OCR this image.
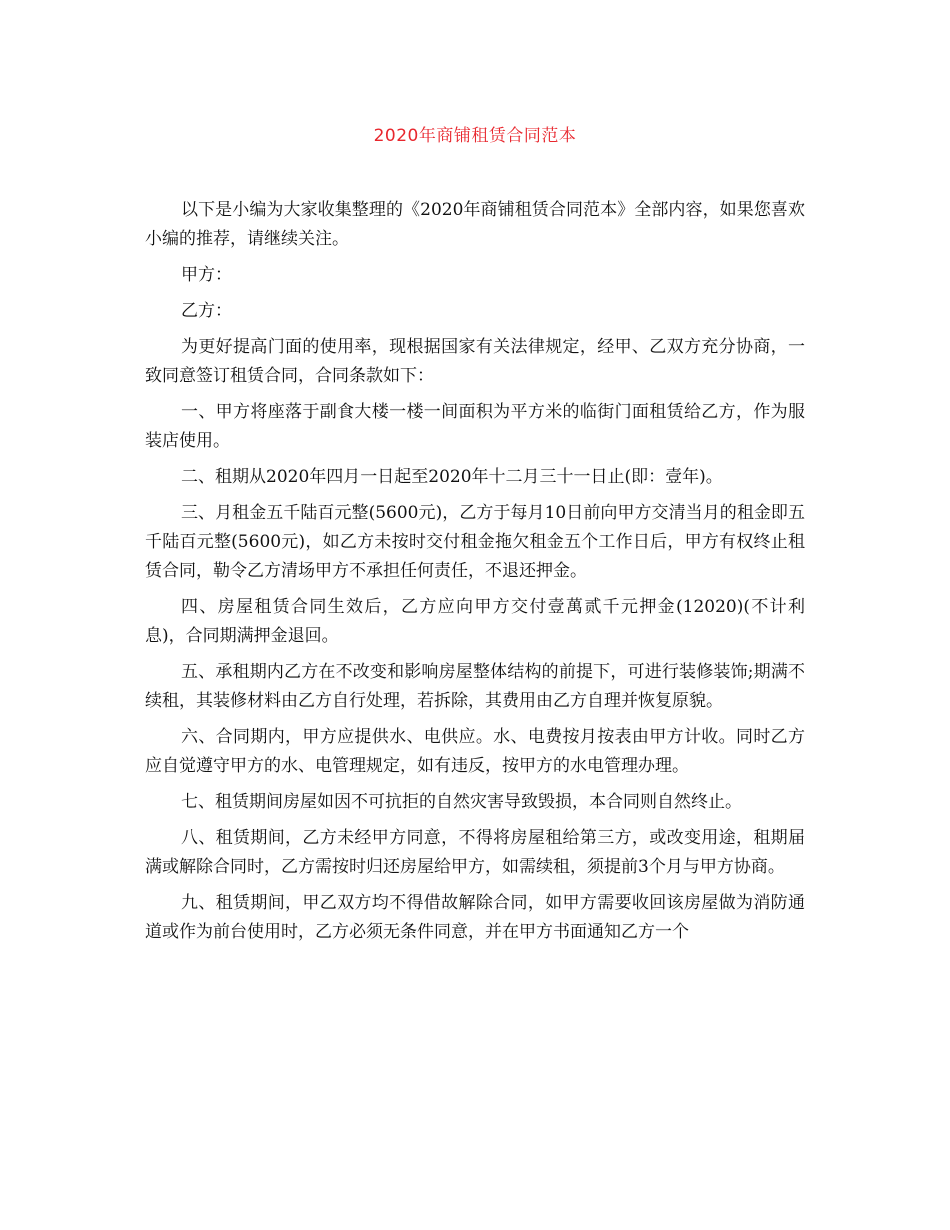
2020年商铺租赁合同范本

以下是小编为大家收集整理的《2020年商铺租赁合同范本》全部内容，如果您喜欢小编的推荐，请继续关注。

甲方：

乙方：

为更好提高门面的使用率，现根据国家有关法律规定，经甲、乙双方充分协商，一致同意签订租赁合同，合同条款如下：

一、甲方将座落于副食大楼一楼一间面积为平方米的临街门面租赁给乙方，作为服装店使用。

二、租期从2020年四月一日起至2020年十二月三十一日止(即：壹年)。

三、月租金五千陆百元整(5600元)，乙方于每月10日前向甲方交清当月的租金即五千陆百元整(5600元)，如乙方未按时交付租金拖欠租金五个工作日后，甲方有权终止租赁合同，勒令乙方清场甲方不承担任何责任，不退还押金。

四、房屋租赁合同生效后，乙方应向甲方交付壹萬贰千元押金(12020)(不计利息)，合同期满押金退回。

五、承租期内乙方在不改变和影响房屋整体结构的前提下，可进行装修装饰;期满不续租，其装修材料由乙方自行处理，若拆除，其费用由乙方自理并恢复原貌。

六、合同期内，甲方应提供水、电供应。水、电费按月按表由甲方计收。同时乙方应自觉遵守甲方的水、电管理规定，如有违反，按甲方的水电管理办理。

七、租赁期间房屋如因不可抗拒的自然灾害导致毁损，本合同则自然终止。

八、租赁期间，乙方未经甲方同意，不得将房屋租给第三方，或改变用途，租期届满或解除合同时，乙方需按时归还房屋给甲方，如需续租，须提前3个月与甲方协商。

九、租赁期间，甲乙双方均不得借故解除合同，如甲方需要收回该房屋做为消防通道或作为前台使用时，乙方必须无条件同意，并在甲方书面通知乙方一个
